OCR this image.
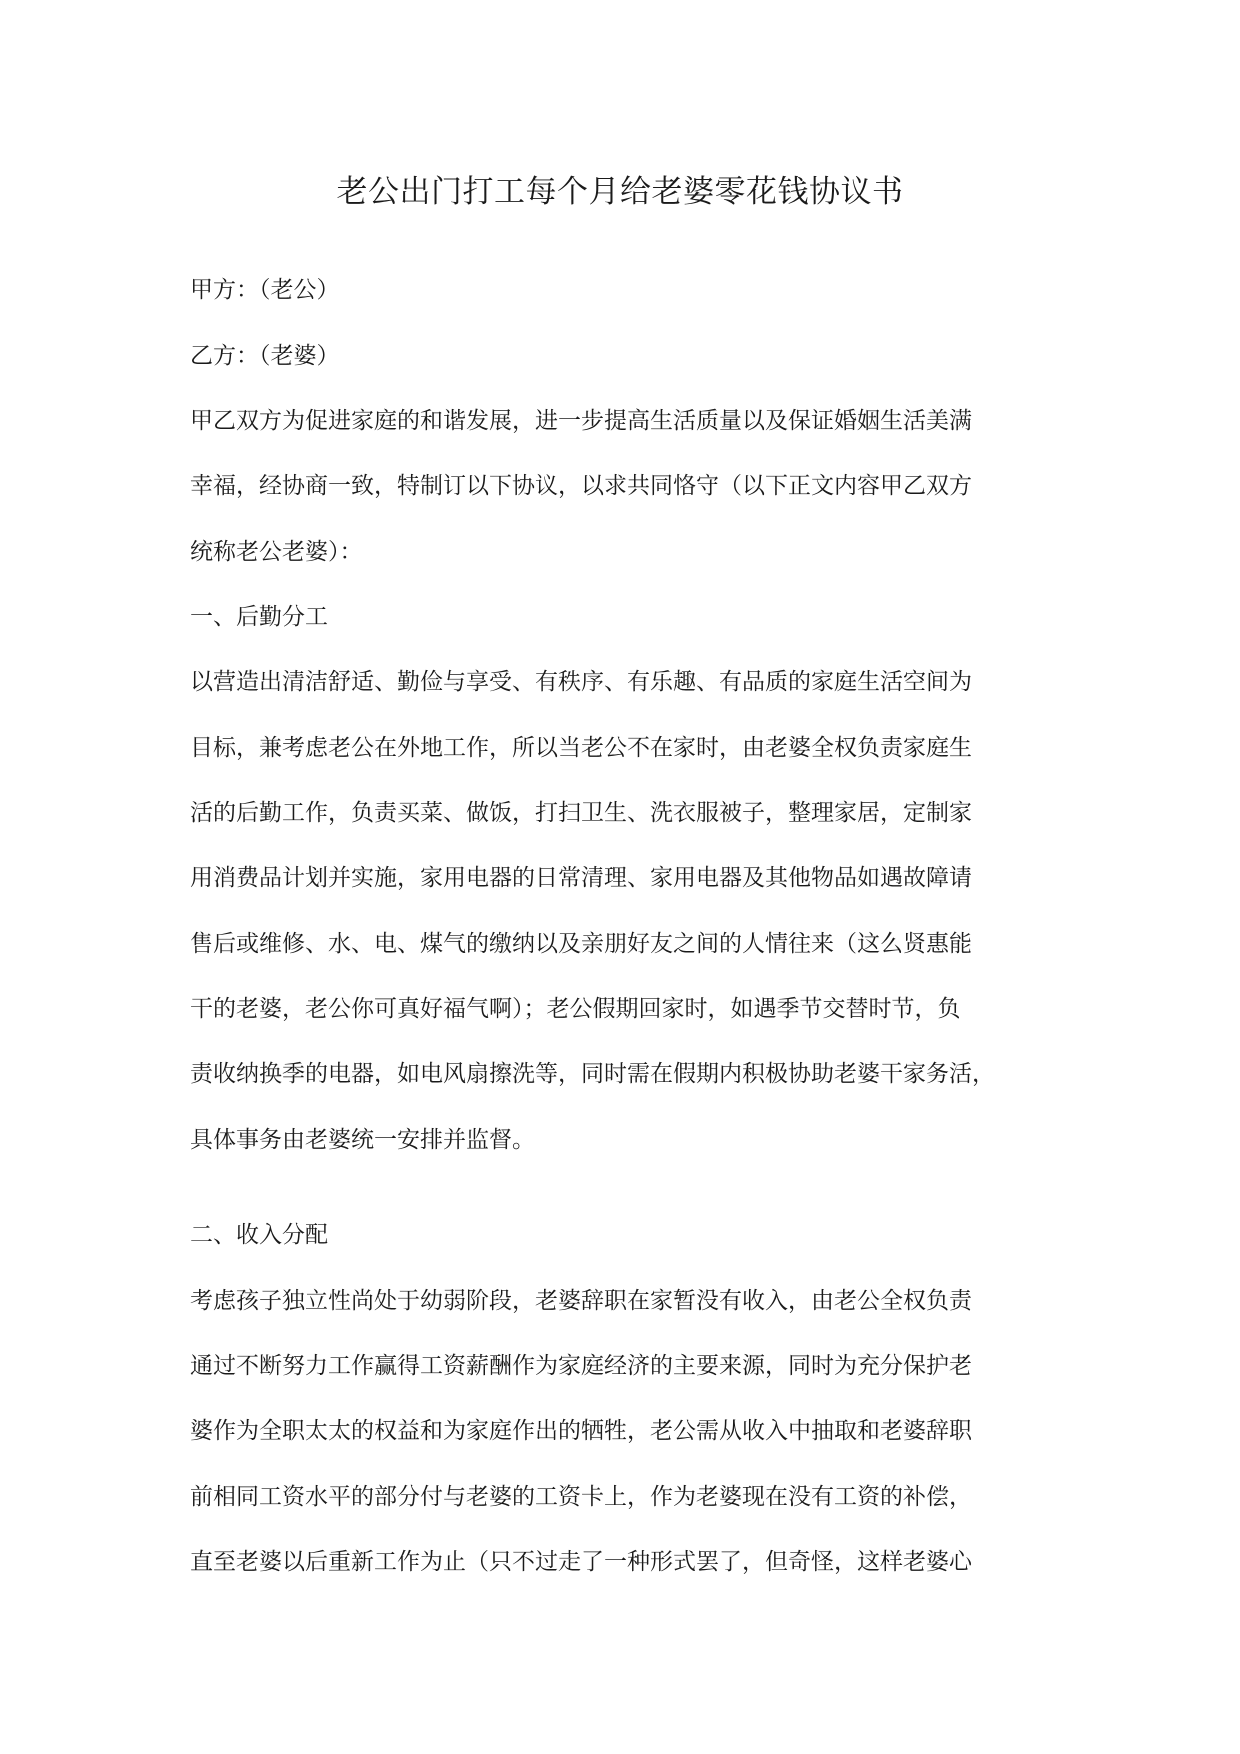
老公出门打工每个月给老婆零花钱协议书
甲方：（老公）
乙方：（老婆）
甲乙双方为促进家庭的和谐发展，进一步提高生活质量以及保证婚姻生活美满
幸福，经协商一致，特制订以下协议，以求共同恪守（以下正文内容甲乙双方
统称老公老婆）：
一、后勤分工
以营造出清洁舒适、勤俭与享受、有秩序、有乐趣、有品质的家庭生活空间为
目标，兼考虑老公在外地工作，所以当老公不在家时，由老婆全权负责家庭生
活的后勤工作，负责买菜、做饭，打扫卫生、洗衣服被子，整理家居，定制家
用消费品计划并实施，家用电器的日常清理、家用电器及其他物品如遇故障请
售后或维修、水、电、煤气的缴纳以及亲朋好友之间的人情往来（这么贤惠能
干的老婆，老公你可真好福气啊）；老公假期回家时，如遇季节交替时节，负
责收纳换季的电器，如电风扇擦洗等，同时需在假期内积极协助老婆干家务活，
具体事务由老婆统一安排并监督。
二、收入分配
考虑孩子独立性尚处于幼弱阶段，老婆辞职在家暂没有收入，由老公全权负责
通过不断努力工作赢得工资薪酬作为家庭经济的主要来源，同时为充分保护老
婆作为全职太太的权益和为家庭作出的牺牲，老公需从收入中抽取和老婆辞职
前相同工资水平的部分付与老婆的工资卡上，作为老婆现在没有工资的补偿，
直至老婆以后重新工作为止（只不过走了一种形式罢了，但奇怪，这样老婆心
